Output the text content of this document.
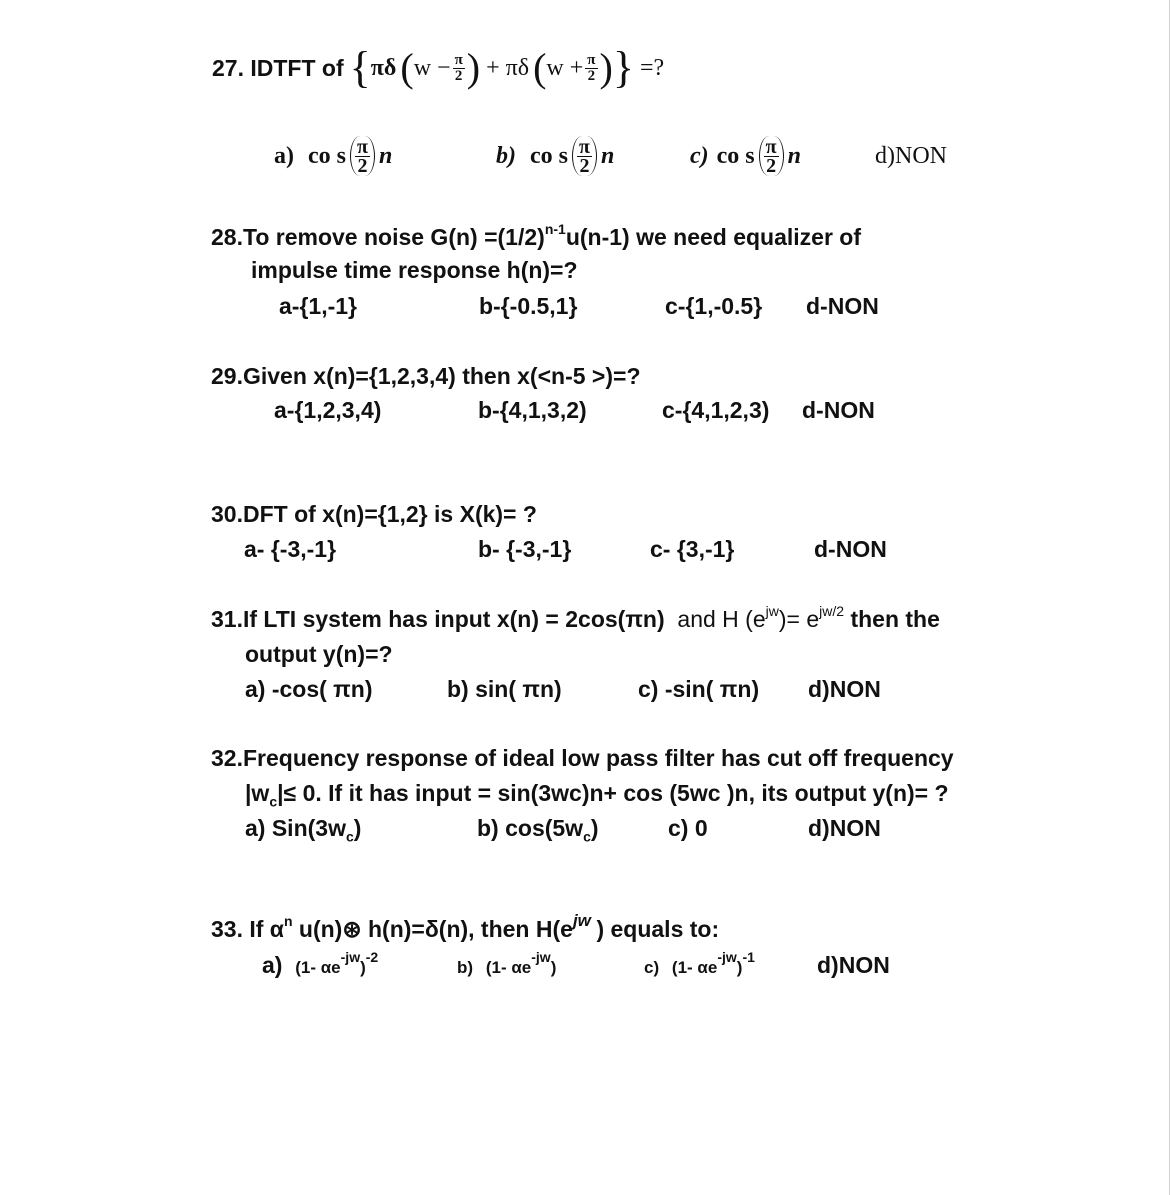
27. IDTFT of { πδ ( $w - \frac{\pi}{2}$ ) + πδ ( $w + \frac{\pi}{2}$ ) } =?
a) co s $\frac{\pi}{2}$ n	b) co s $\frac{\pi}{2}$ n	c) co s $\frac{\pi}{2}$ n	d)NON
28.To remove noise $G(n) =(1/2)^{n-1}u(n-1)$ we need equalizer of
impulse time response h(n)=?
a-{1,-1}	b-{-0.5,1}	c-{1,-0.5} d-NON
29.Given x(n)={1,2,3,4) then x(<n-5 >)=?
a-{1,2,3,4)	b-{4,1,3,2)	c-{4,1,2,3) d-NON
30.DFT of x(n)={1,2} is X(k)= ?
a- {-3,-1}	b- {-3,-1}	c- {3,-1}	d-NON
31.If LTI system has input x(n) = 2cos(πn) and H $(e^{jw})= e^{jw/2}$ then the
output y(n)=?
a) -cos( πn)	b) sin( πn)	c) -sin( πn) d)NON
32.Frequency response of ideal low pass filter has cut off frequency
$|w_c|\le 0$. If it has input = sin(3wc)n+ cos (5wc )n, its output y(n)= ?
a) $Sin(3w_c)$	b) $\cos(5w_c)$	c) 0	d)NON
33. If $\alpha^n$ u(n)⊛ h(n)=δ(n), then $H(e^{jw}$ ) equals to:
a) (1- $\alpha e^{-jw})^{-2}$
b) (1- $\alpha e^{-jw}$)	c) (1- $\alpha e^{-jw})^{-1}$	d)NON
